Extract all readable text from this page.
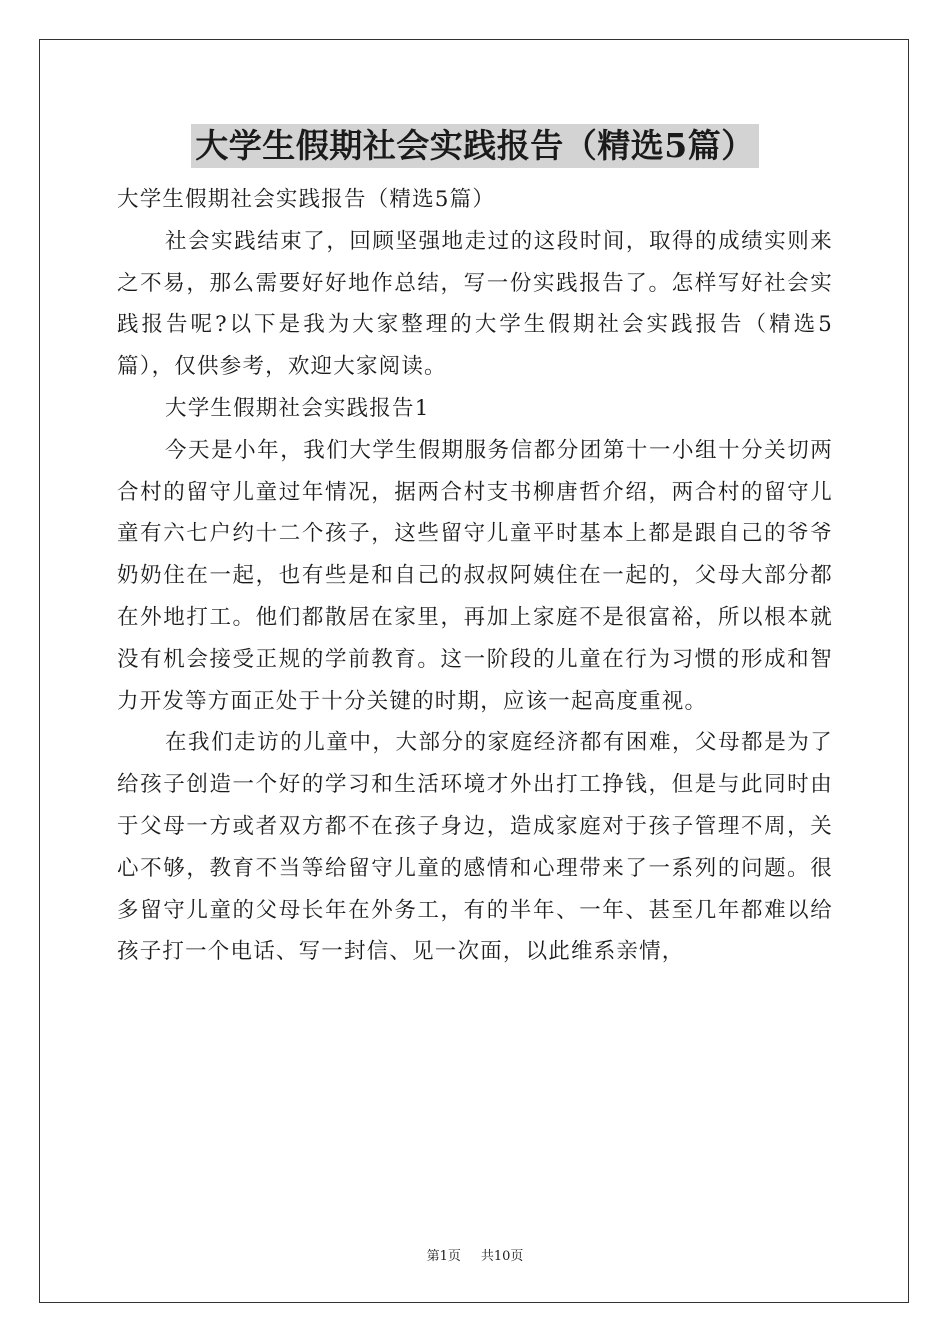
大学生假期社会实践报告（精选5篇）

大学生假期社会实践报告（精选5篇）

社会实践结束了，回顾坚强地走过的这段时间，取得的成绩实则来之不易，那么需要好好地作总结，写一份实践报告了。怎样写好社会实践报告呢?以下是我为大家整理的大学生假期社会实践报告（精选5篇），仅供参考，欢迎大家阅读。

大学生假期社会实践报告1

今天是小年，我们大学生假期服务信都分团第十一小组十分关切两合村的留守儿童过年情况，据两合村支书柳唐哲介绍，两合村的留守儿童有六七户约十二个孩子，这些留守儿童平时基本上都是跟自己的爷爷奶奶住在一起，也有些是和自己的叔叔阿姨住在一起的，父母大部分都在外地打工。他们都散居在家里，再加上家庭不是很富裕，所以根本就没有机会接受正规的学前教育。这一阶段的儿童在行为习惯的形成和智力开发等方面正处于十分关键的时期，应该一起高度重视。

在我们走访的儿童中，大部分的家庭经济都有困难，父母都是为了给孩子创造一个好的学习和生活环境才外出打工挣钱，但是与此同时由于父母一方或者双方都不在孩子身边，造成家庭对于孩子管理不周，关心不够，教育不当等给留守儿童的感情和心理带来了一系列的问题。很多留守儿童的父母长年在外务工，有的半年、一年、甚至几年都难以给孩子打一个电话、写一封信、见一次面，以此维系亲情，

第1页 共10页
